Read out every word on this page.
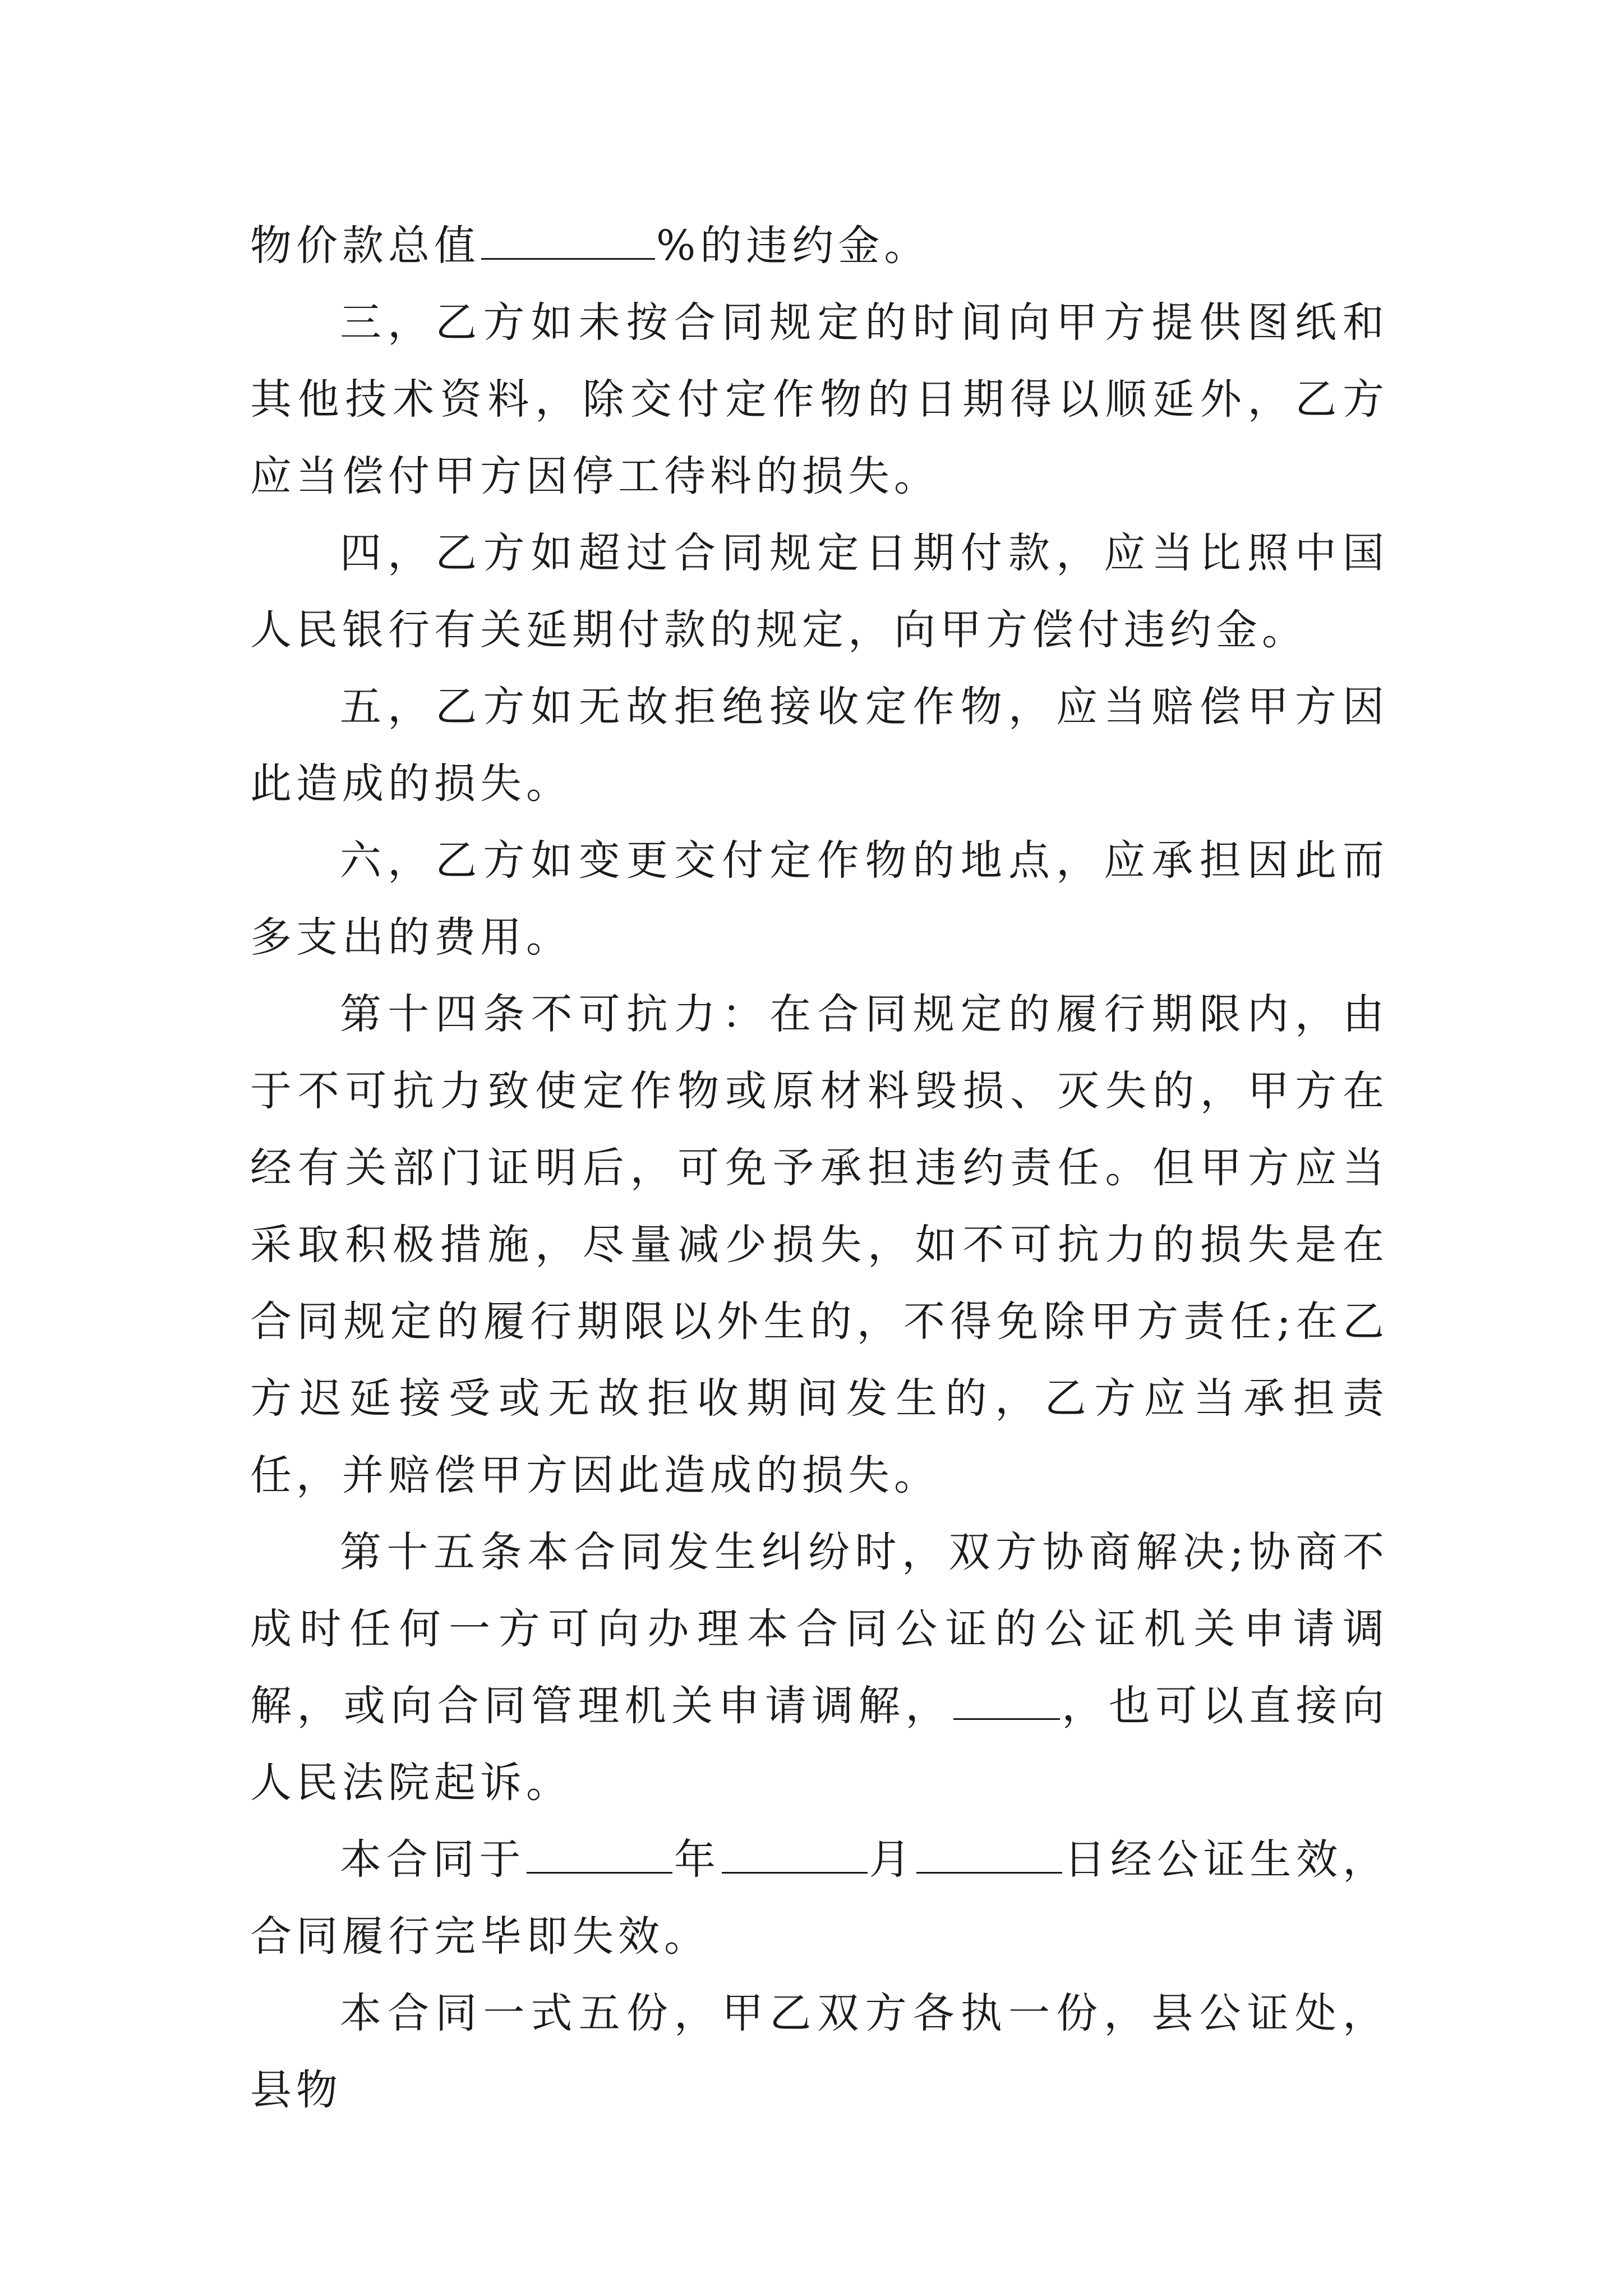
物价款总值	%的违约金。

三，乙方如未按合同规定的时间向甲方提供图纸和其他技术资料，除交付定作物的日期得以顺延外，乙方应当偿付甲方因停工待料的损失。

四，乙方如超过合同规定日期付款，应当比照中国人民银行有关延期付款的规定，向甲方偿付违约金。

五，乙方如无故拒绝接收定作物，应当赔偿甲方因此造成的损失。

六，乙方如变更交付定作物的地点，应承担因此而多支出的费用。

第十四条不可抗力：在合同规定的履行期限内，由于不可抗力致使定作物或原材料毁损、灭失的，甲方在经有关部门证明后，可免予承担违约责任。但甲方应当采取积极措施，尽量减少损失，如不可抗力的损失是在合同规定的履行期限以外生的，不得免除甲方责任;在乙方迟延接受或无故拒收期间发生的，乙方应当承担责任，并赔偿甲方因此造成的损失。

第十五条本合同发生纠纷时，双方协商解决;协商不成时任何一方可向办理本合同公证的公证机关申请调解，或向合同管理机关申请调解，	，也可以直接向人民法院起诉。

本合同于	年	月	日经公证生效，合同履行完毕即失效。

本合同一式五份，甲乙双方各执一份，县公证处，县物
